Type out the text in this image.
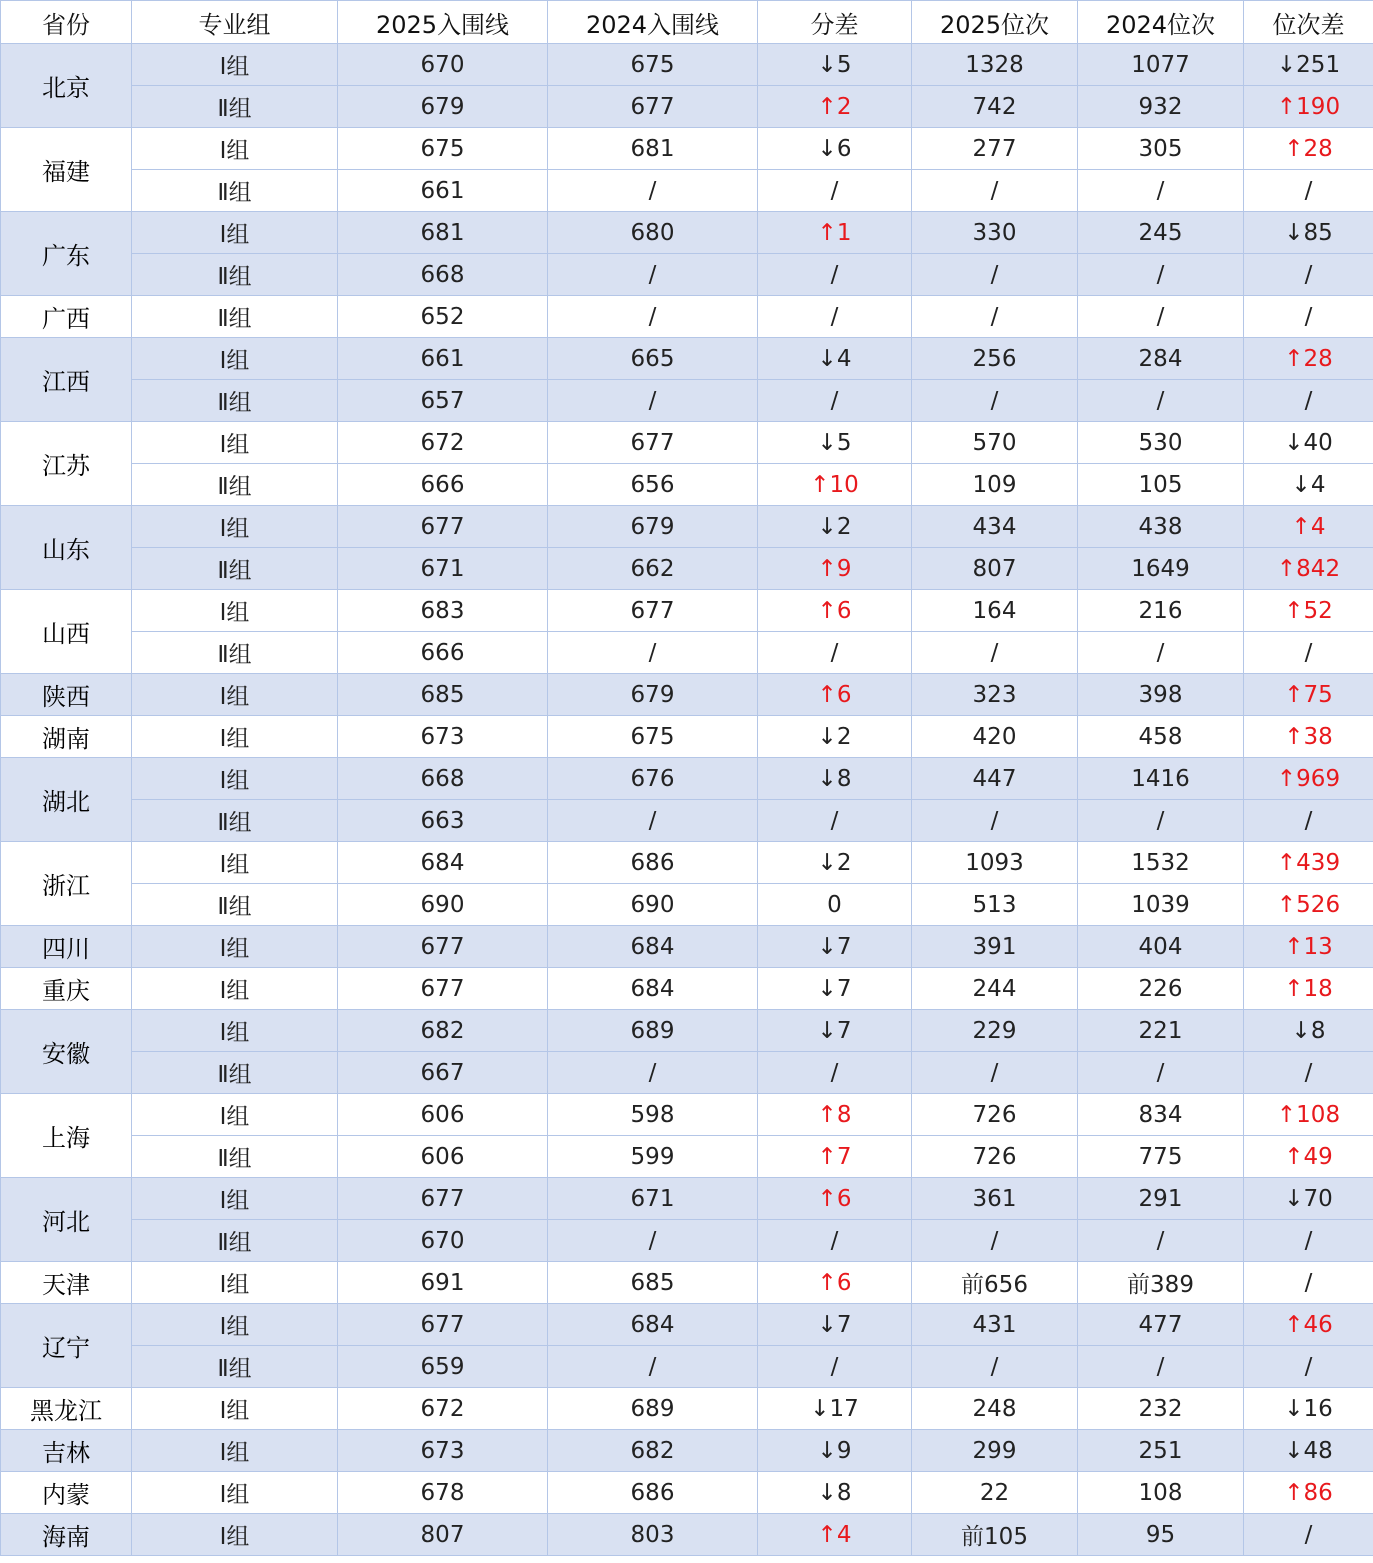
省份	专业组	2025入围线	2024入围线	分差	2025位次	2024位次	位次差
北京	Ⅰ组	670	675	↓5	1328	1077	↓251
	Ⅱ组	679	677	↑2	742	932	↑190
福建	Ⅰ组	675	681	↓6	277	305	↑28
	Ⅱ组	661	/	/	/	/	/
广东	Ⅰ组	681	680	↑1	330	245	↓85
	Ⅱ组	668	/	/	/	/	/
广西	Ⅱ组	652	/	/	/	/	/
江西	Ⅰ组	661	665	↓4	256	284	↑28
	Ⅱ组	657	/	/	/	/	/
江苏	Ⅰ组	672	677	↓5	570	530	↓40
	Ⅱ组	666	656	↑10	109	105	↓4
山东	Ⅰ组	677	679	↓2	434	438	↑4
	Ⅱ组	671	662	↑9	807	1649	↑842
山西	Ⅰ组	683	677	↑6	164	216	↑52
	Ⅱ组	666	/	/	/	/	/
陕西	Ⅰ组	685	679	↑6	323	398	↑75
湖南	Ⅰ组	673	675	↓2	420	458	↑38
湖北	Ⅰ组	668	676	↓8	447	1416	↑969
	Ⅱ组	663	/	/	/	/	/
浙江	Ⅰ组	684	686	↓2	1093	1532	↑439
	Ⅱ组	690	690	0	513	1039	↑526
四川	Ⅰ组	677	684	↓7	391	404	↑13
重庆	Ⅰ组	677	684	↓7	244	226	↑18
安徽	Ⅰ组	682	689	↓7	229	221	↓8
	Ⅱ组	667	/	/	/	/	/
上海	Ⅰ组	606	598	↑8	726	834	↑108
	Ⅱ组	606	599	↑7	726	775	↑49
河北	Ⅰ组	677	671	↑6	361	291	↓70
	Ⅱ组	670	/	/	/	/	/
天津	Ⅰ组	691	685	↑6	前656	前389	/
辽宁	Ⅰ组	677	684	↓7	431	477	↑46
	Ⅱ组	659	/	/	/	/	/
黑龙江	Ⅰ组	672	689	↓17	248	232	↓16
吉林	Ⅰ组	673	682	↓9	299	251	↓48
内蒙	Ⅰ组	678	686	↓8	22	108	↑86
海南	Ⅰ组	807	803	↑4	前105	95	/
